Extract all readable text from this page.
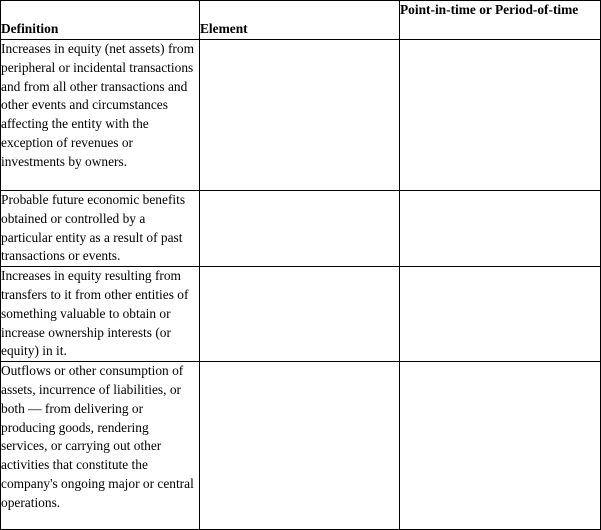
Definition	Element	Point-in-time or Period-of-time

Increases in equity (net assets) from peripheral or incidental transactions and from all other transactions and other events and circumstances affecting the entity with the exception of revenues or investments by owners.		

Probable future economic benefits obtained or controlled by a particular entity as a result of past transactions or events.		

Increases in equity resulting from transfers to it from other entities of something valuable to obtain or increase ownership interests (or equity) in it.		

Outflows or other consumption of assets, incurrence of liabilities, or both — from delivering or producing goods, rendering services, or carrying out other activities that constitute the company's ongoing major or central operations.		
